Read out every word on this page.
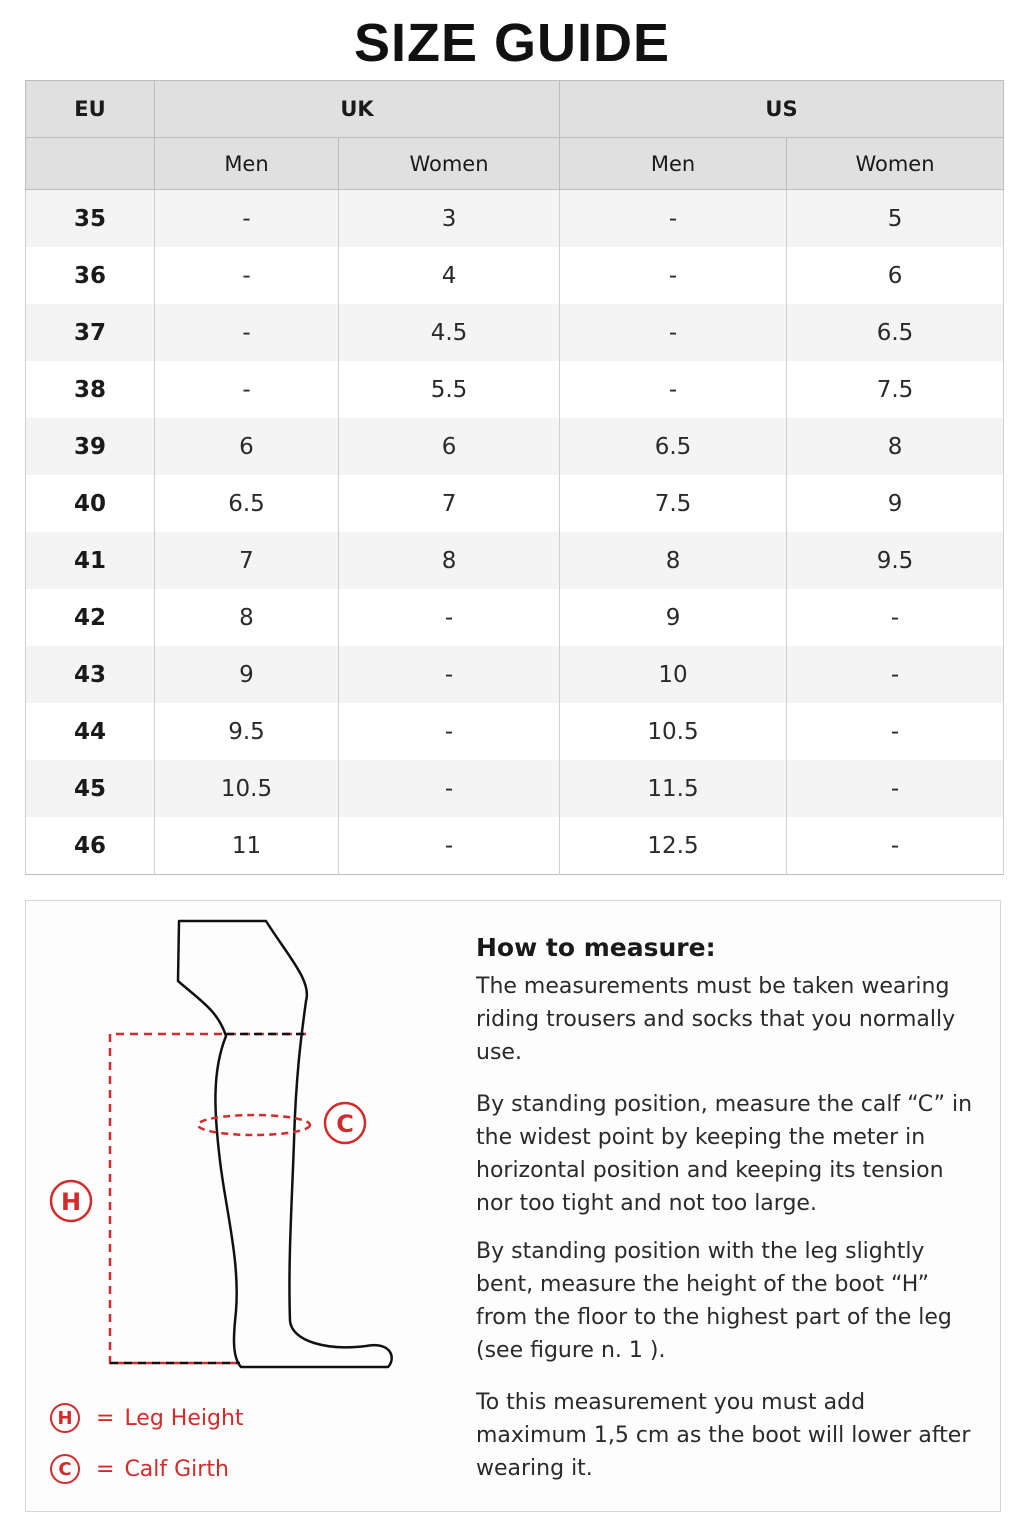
SIZE GUIDE
EU	UK		US	
	Men	Women	Men	Women
35	-	3	-	5
36	-	4	-	6
37	-	4.5	-	6.5
38	-	5.5	-	7.5
39	6	6	6.5	8
40	6.5	7	7.5	9
41	7	8	8	9.5
42	8	-	9	-
43	9	-	10	-
44	9.5	-	10.5	-
45	10.5	-	11.5	-
46	11	-	12.5	-
C
H
H	= Leg Height
C	= Calf Girth
How to measure:

The measurements must be taken wearing riding trousers and socks that you normally use.

By standing position, measure the calf “C” in the widest point by keeping the meter in horizontal position and keeping its tension nor too tight and not too large.

By standing position with the leg slightly bent, measure the height of the boot “H” from the floor to the highest part of the leg (see figure n. 1 ).

To this measurement you must add maximum 1,5 cm as the boot will lower after wearing it.
